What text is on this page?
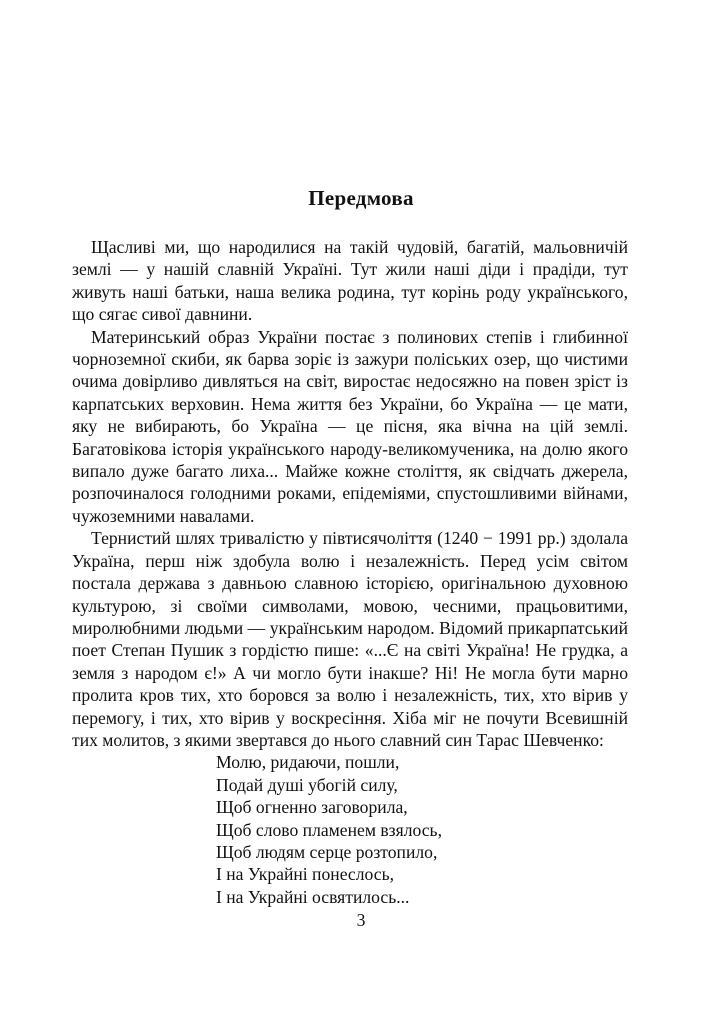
Передмова

Щасливі ми, що народилися на такій чудовій, багатій, мальовничій землі — у нашій славній Україні. Тут жили наші діди і прадіди, тут живуть наші батьки, наша велика родина, тут корінь роду українського, що сягає сивої давнини.

Материнський образ України постає з полинових степів і глибинної чорноземної скиби, як барва зоріє із зажури поліських озер, що чистими очима довірливо дивляться на світ, виростає недосяжно на повен зріст із карпатських верховин. Нема життя без України, бо Україна — це мати, яку не вибирають, бо Україна — це пісня, яка вічна на цій землі. Багатовікова історія українського народу-великомученика, на долю якого випало дуже багато лиха... Майже кожне століття, як свідчать джерела, розпочиналося голодними роками, епідеміями, спустошливими війнами, чужоземними навалами.

Тернистий шлях тривалістю у півтисячоліття (1240 − 1991 рр.) здолала Україна, перш ніж здобула волю і незалежність. Перед усім світом постала держава з давньою славною історією, оригінальною духовною культурою, зі своїми символами, мовою, чесними, працьовитими, миролюбними людьми — українським народом. Відомий прикарпатський поет Степан Пушик з гордістю пише: «...Є на світі Україна! Не грудка, а земля з народом є!» А чи могло бути інакше? Ні! Не могла бути марно пролита кров тих, хто боровся за волю і незалежність, тих, хто вірив у перемогу, і тих, хто вірив у воскресіння. Хіба міг не почути Всевишній тих молитов, з якими звертався до нього славний син Тарас Шевченко:

Молю, ридаючи, пошли,
Подай душі убогій силу,
Щоб огненно заговорила,
Щоб слово пламенем взялось,
Щоб людям серце розтопило,
І на Украйні понеслось,
І на Украйні освятилось...
3
